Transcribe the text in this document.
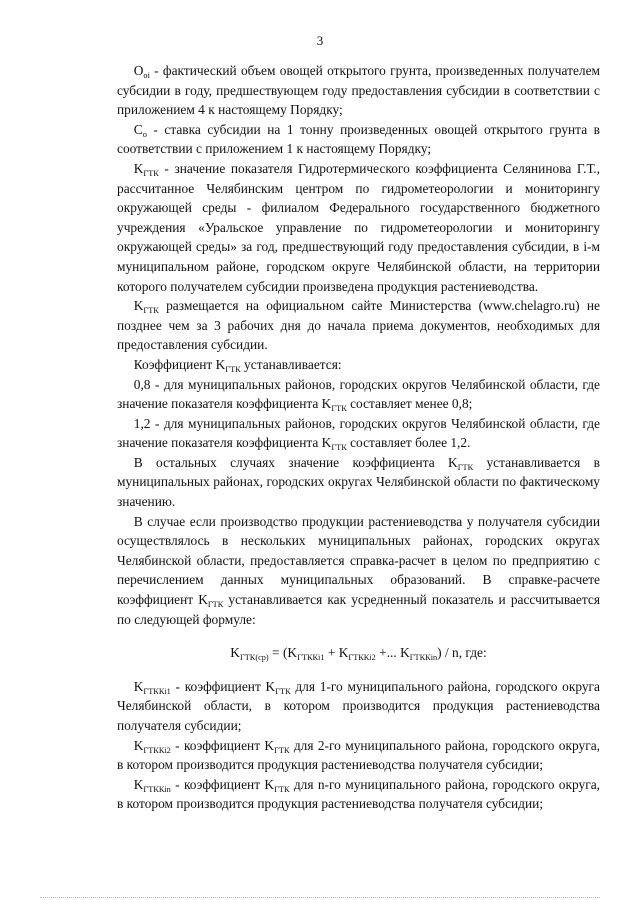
3

$O_{oi}$ - фактический объем овощей открытого грунта, произведенных получателем субсидии в году, предшествующем году предоставления субсидии в соответствии с приложением 4 к настоящему Порядку;

$C_o$ - ставка субсидии на 1 тонну произведенных овощей открытого грунта в соответствии с приложением 1 к настоящему Порядку;

$K_{ГТК}$ - значение показателя Гидротермического коэффициента Селянинова Г.Т., рассчитанное Челябинским центром по гидрометеорологии и мониторингу окружающей среды - филиалом Федерального государственного бюджетного учреждения «Уральское управление по гидрометеорологии и мониторингу окружающей среды» за год, предшествующий году предоставления субсидии, в i-м муниципальном районе, городском округе Челябинской области, на территории которого получателем субсидии произведена продукция растениеводства.

$K_{ГТК}$ размещается на официальном сайте Министерства (www.chelagro.ru) не позднее чем за 3 рабочих дня до начала приема документов, необходимых для предоставления субсидии.

Коэффициент $K_{ГТК}$ устанавливается:

0,8 - для муниципальных районов, городских округов Челябинской области, где значение показателя коэффициента $K_{ГТК}$ составляет менее 0,8;

1,2 - для муниципальных районов, городских округов Челябинской области, где значение показателя коэффициента $K_{ГТК}$ составляет более 1,2.

В остальных случаях значение коэффициента $K_{ГТК}$ устанавливается в муниципальных районах, городских округах Челябинской области по фактическому значению.

В случае если производство продукции растениеводства у получателя субсидии осуществлялось в нескольких муниципальных районах, городских округах Челябинской области, предоставляется справка-расчет в целом по предприятию с перечислением данных муниципальных образований. В справке-расчете коэффициент $K_{ГТК}$ устанавливается как усредненный показатель и рассчитывается по следующей формуле:

$K_{ГТК(ср)} = (K_{ГТККi1} + K_{ГТККi2}$ +... $K_{ГТККin}$) / n, где:

$K_{ГТККi1}$ - коэффициент $K_{ГТК}$ для 1-го муниципального района, городского округа Челябинской области, в котором производится продукция растениеводства получателя субсидии;

$K_{ГТККi2}$ - коэффициент $K_{ГТК}$ для 2-го муниципального района, городского округа, в котором производится продукция растениеводства получателя субсидии;

$K_{ГТККin}$ - коэффициент $K_{ГТК}$ для n-го муниципального района, городского округа, в котором производится продукция растениеводства получателя субсидии;
